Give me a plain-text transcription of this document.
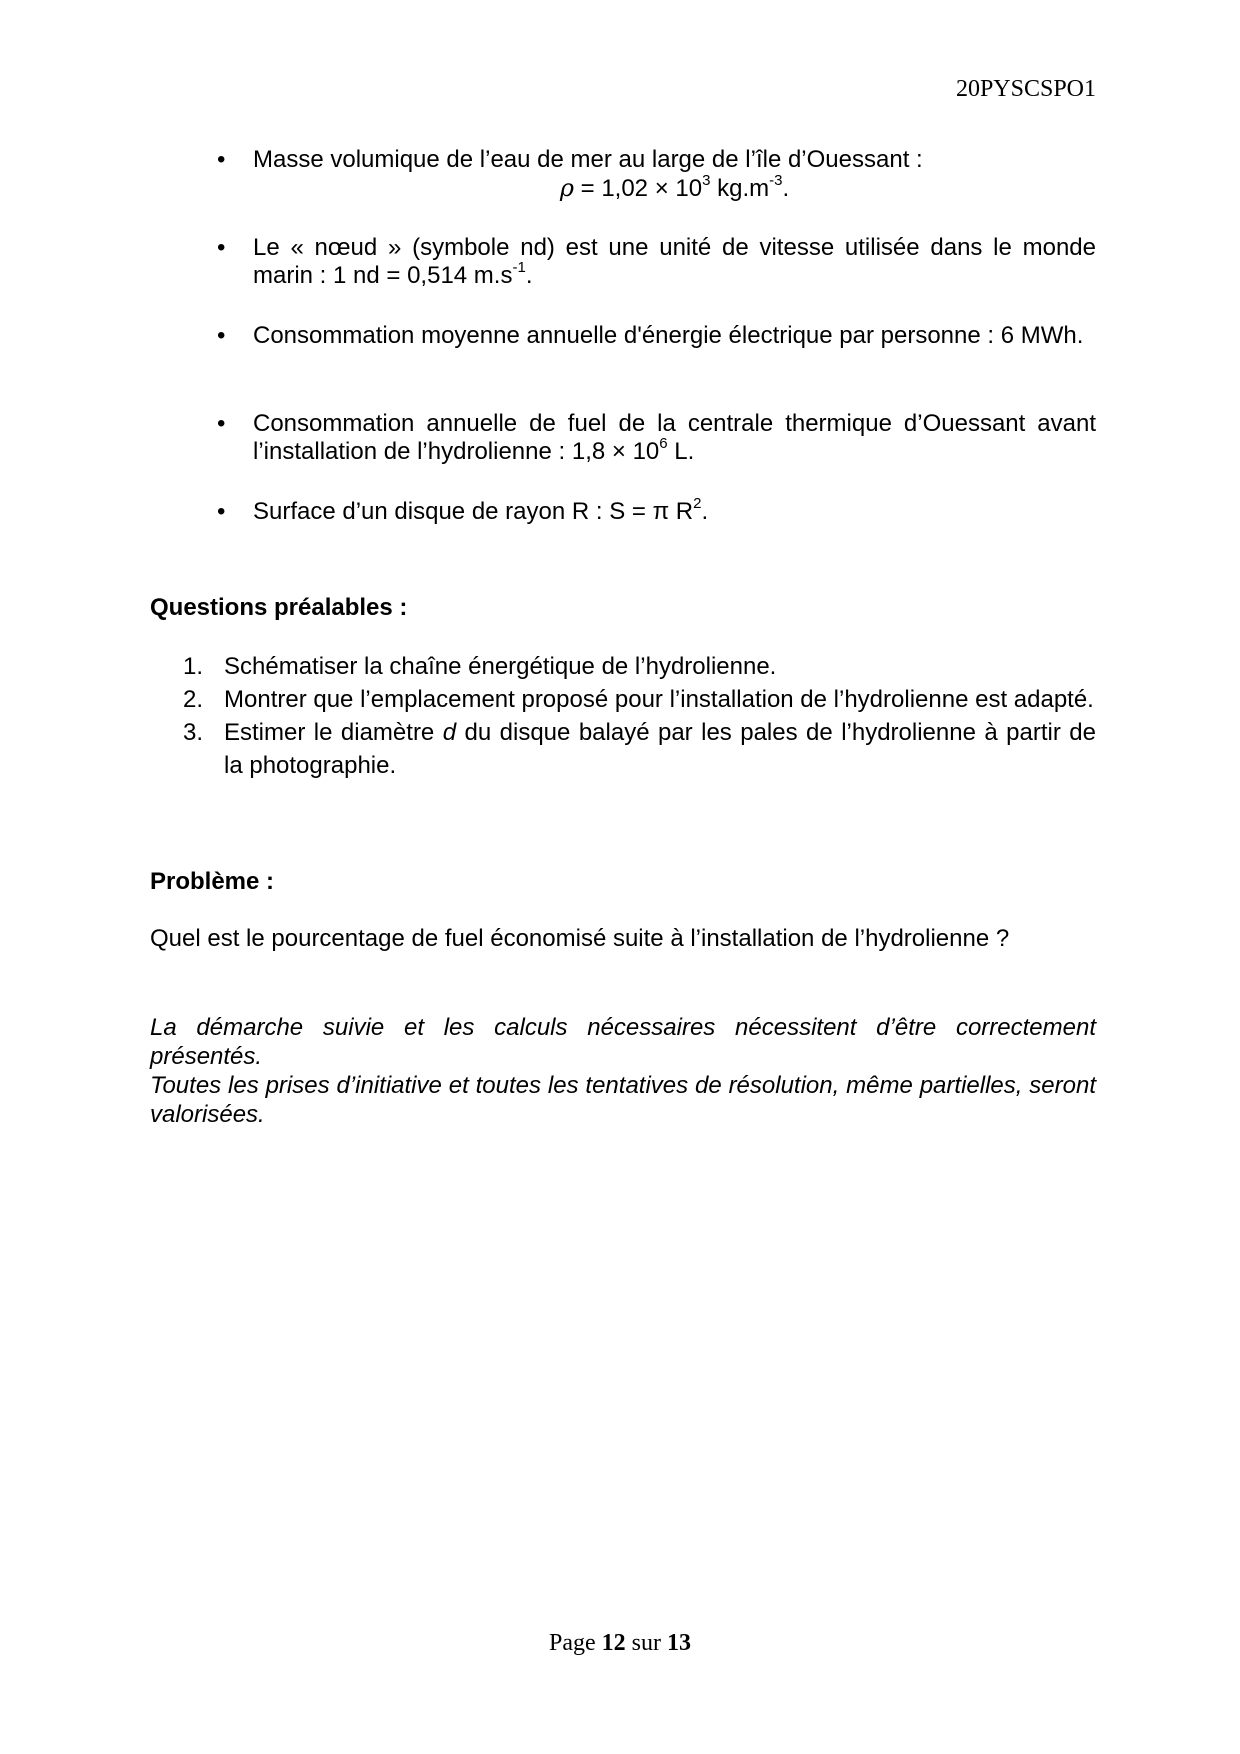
20PYSCSPO1
• Masse volumique de l’eau de mer au large de l’île d’Ouessant :
$\rho = 1,02 \times 10^3$ $kg.m^{-3}$.
• Le « nœud » (symbole nd) est une unité de vitesse utilisée dans le monde marin : 1 nd = 0,514 $m.s^{-1}$.
• Consommation moyenne annuelle d'énergie électrique par personne : 6 MWh.
• Consommation annuelle de fuel de la centrale thermique d’Ouessant avant l’installation de l’hydrolienne : $1,8 \times 10^6$ L.
• Surface d’un disque de rayon R : S = π $R^2$.
Questions préalables :
1. Schématiser la chaîne énergétique de l’hydrolienne.
2. Montrer que l’emplacement proposé pour l’installation de l’hydrolienne est adapté.
3. Estimer le diamètre d du disque balayé par les pales de l’hydrolienne à partir de la photographie.
Problème :
Quel est le pourcentage de fuel économisé suite à l’installation de l’hydrolienne ?

La démarche suivie et les calculs nécessaires nécessitent d’être correctement présentés.

Toutes les prises d’initiative et toutes les tentatives de résolution, même partielles, seront valorisées.

Page 12 sur 13
